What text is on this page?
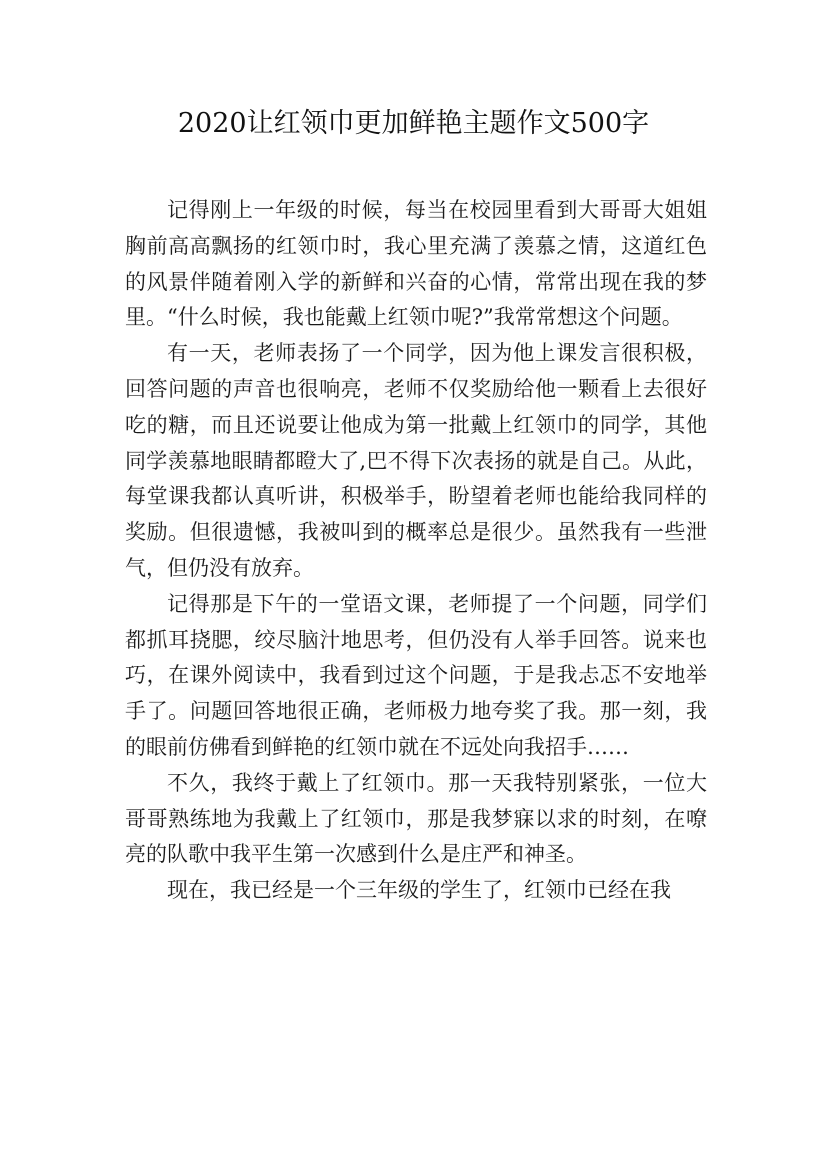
2020让红领巾更加鲜艳主题作文500字

记得刚上一年级的时候，每当在校园里看到大哥哥大姐姐胸前高高飘扬的红领巾时，我心里充满了羡慕之情，这道红色的风景伴随着刚入学的新鲜和兴奋的心情，常常出现在我的梦里。“什么时候，我也能戴上红领巾呢?”我常常想这个问题。

有一天，老师表扬了一个同学，因为他上课发言很积极，回答问题的声音也很响亮，老师不仅奖励给他一颗看上去很好吃的糖，而且还说要让他成为第一批戴上红领巾的同学，其他同学羡慕地眼睛都瞪大了,巴不得下次表扬的就是自己。从此，每堂课我都认真听讲，积极举手，盼望着老师也能给我同样的奖励。但很遗憾，我被叫到的概率总是很少。虽然我有一些泄气，但仍没有放弃。

记得那是下午的一堂语文课，老师提了一个问题，同学们都抓耳挠腮，绞尽脑汁地思考，但仍没有人举手回答。说来也巧，在课外阅读中，我看到过这个问题，于是我忐忑不安地举手了。问题回答地很正确，老师极力地夸奖了我。那一刻，我的眼前仿佛看到鲜艳的红领巾就在不远处向我招手……

不久，我终于戴上了红领巾。那一天我特别紧张，一位大哥哥熟练地为我戴上了红领巾，那是我梦寐以求的时刻，在嘹亮的队歌中我平生第一次感到什么是庄严和神圣。

现在，我已经是一个三年级的学生了，红领巾已经在我
